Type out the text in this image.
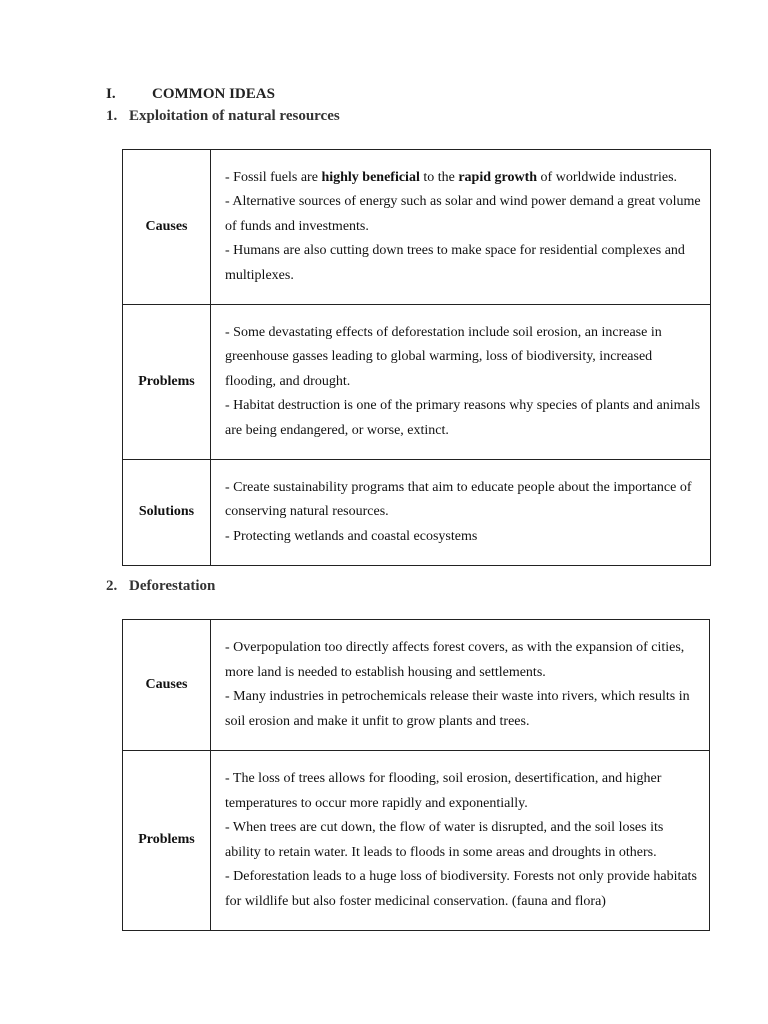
I. COMMON IDEAS
1. Exploitation of natural resources
Causes	- Fossil fuels are highly beneficial to the rapid growth of worldwide industries.

- Alternative sources of energy such as solar and wind power demand a great volume of funds and investments.

- Humans are also cutting down trees to make space for residential complexes and multiplexes.

Problems	- Some devastating effects of deforestation include soil erosion, an increase in greenhouse gasses leading to global warming, loss of biodiversity, increased flooding, and drought.

- Habitat destruction is one of the primary reasons why species of plants and animals are being endangered, or worse, extinct.

Solutions	- Create sustainability programs that aim to educate people about the importance of conserving natural resources.

- Protecting wetlands and coastal ecosystems

2. Deforestation
Causes	- Overpopulation too directly affects forest covers, as with the expansion of cities, more land is needed to establish housing and settlements.

- Many industries in petrochemicals release their waste into rivers, which results in soil erosion and make it unfit to grow plants and trees.

Problems	- The loss of trees allows for flooding, soil erosion, desertification, and higher temperatures to occur more rapidly and exponentially.

- When trees are cut down, the flow of water is disrupted, and the soil loses its ability to retain water. It leads to floods in some areas and droughts in others.

- Deforestation leads to a huge loss of biodiversity. Forests not only provide habitats for wildlife but also foster medicinal conservation. (fauna and flora)
